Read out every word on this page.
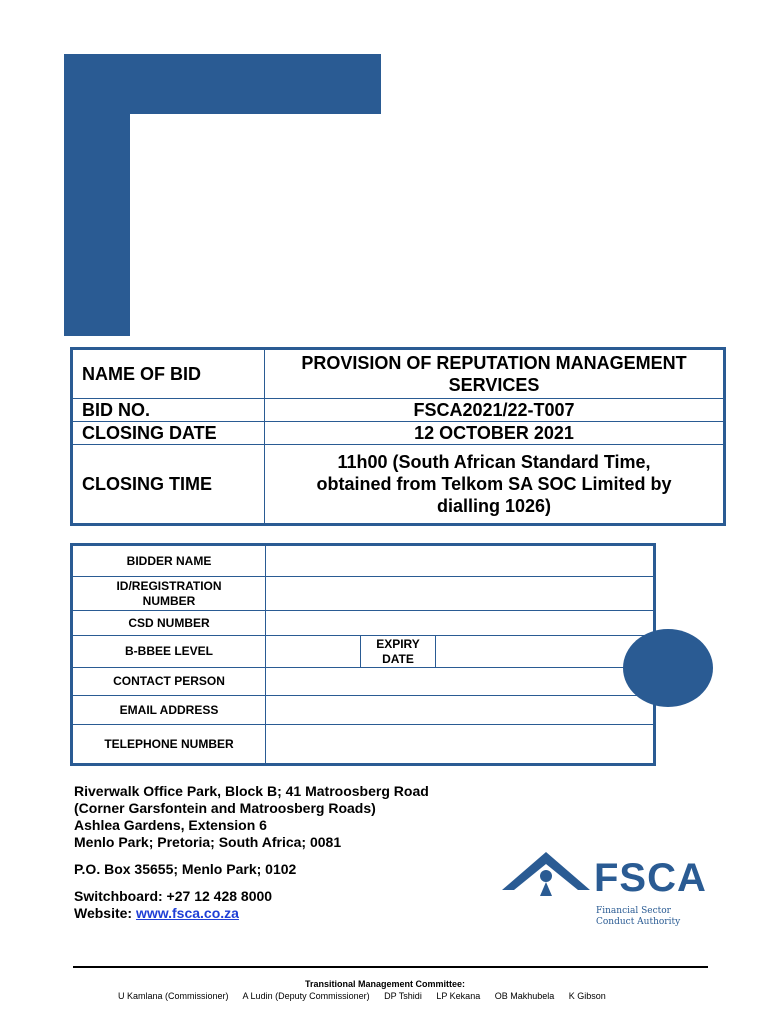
NAME OF BID	PROVISION OF REPUTATION MANAGEMENT
SERVICES

BID NO.	FSCA2021/22-T007
CLOSING DATE	12 OCTOBER 2021
CLOSING TIME	11h00 (South African Standard Time,
obtained from Telkom SA SOC Limited by
dialling 1026)
BIDDER NAME			

ID/REGISTRATION
NUMBER			

CSD NUMBER			
B-BBEE LEVEL		EXPIRY
DATE	

CONTACT PERSON			
EMAIL ADDRESS			
TELEPHONE NUMBER			
Riverwalk Office Park, Block B; 41 Matroosberg Road
(Corner Garsfontein and Matroosberg Roads)
Ashlea Gardens, Extension 6
Menlo Park; Pretoria; South Africa; 0081
P.O. Box 35655; Menlo Park; 0102
Switchboard: +27 12 428 8000
Website: www.fsca.co.za
FSCA
Financial Sector
Conduct Authority
Transitional Management Committee:
U Kamlana (Commissioner) A Ludin (Deputy Commissioner) DP Tshidi LP Kekana OB Makhubela K Gibson
